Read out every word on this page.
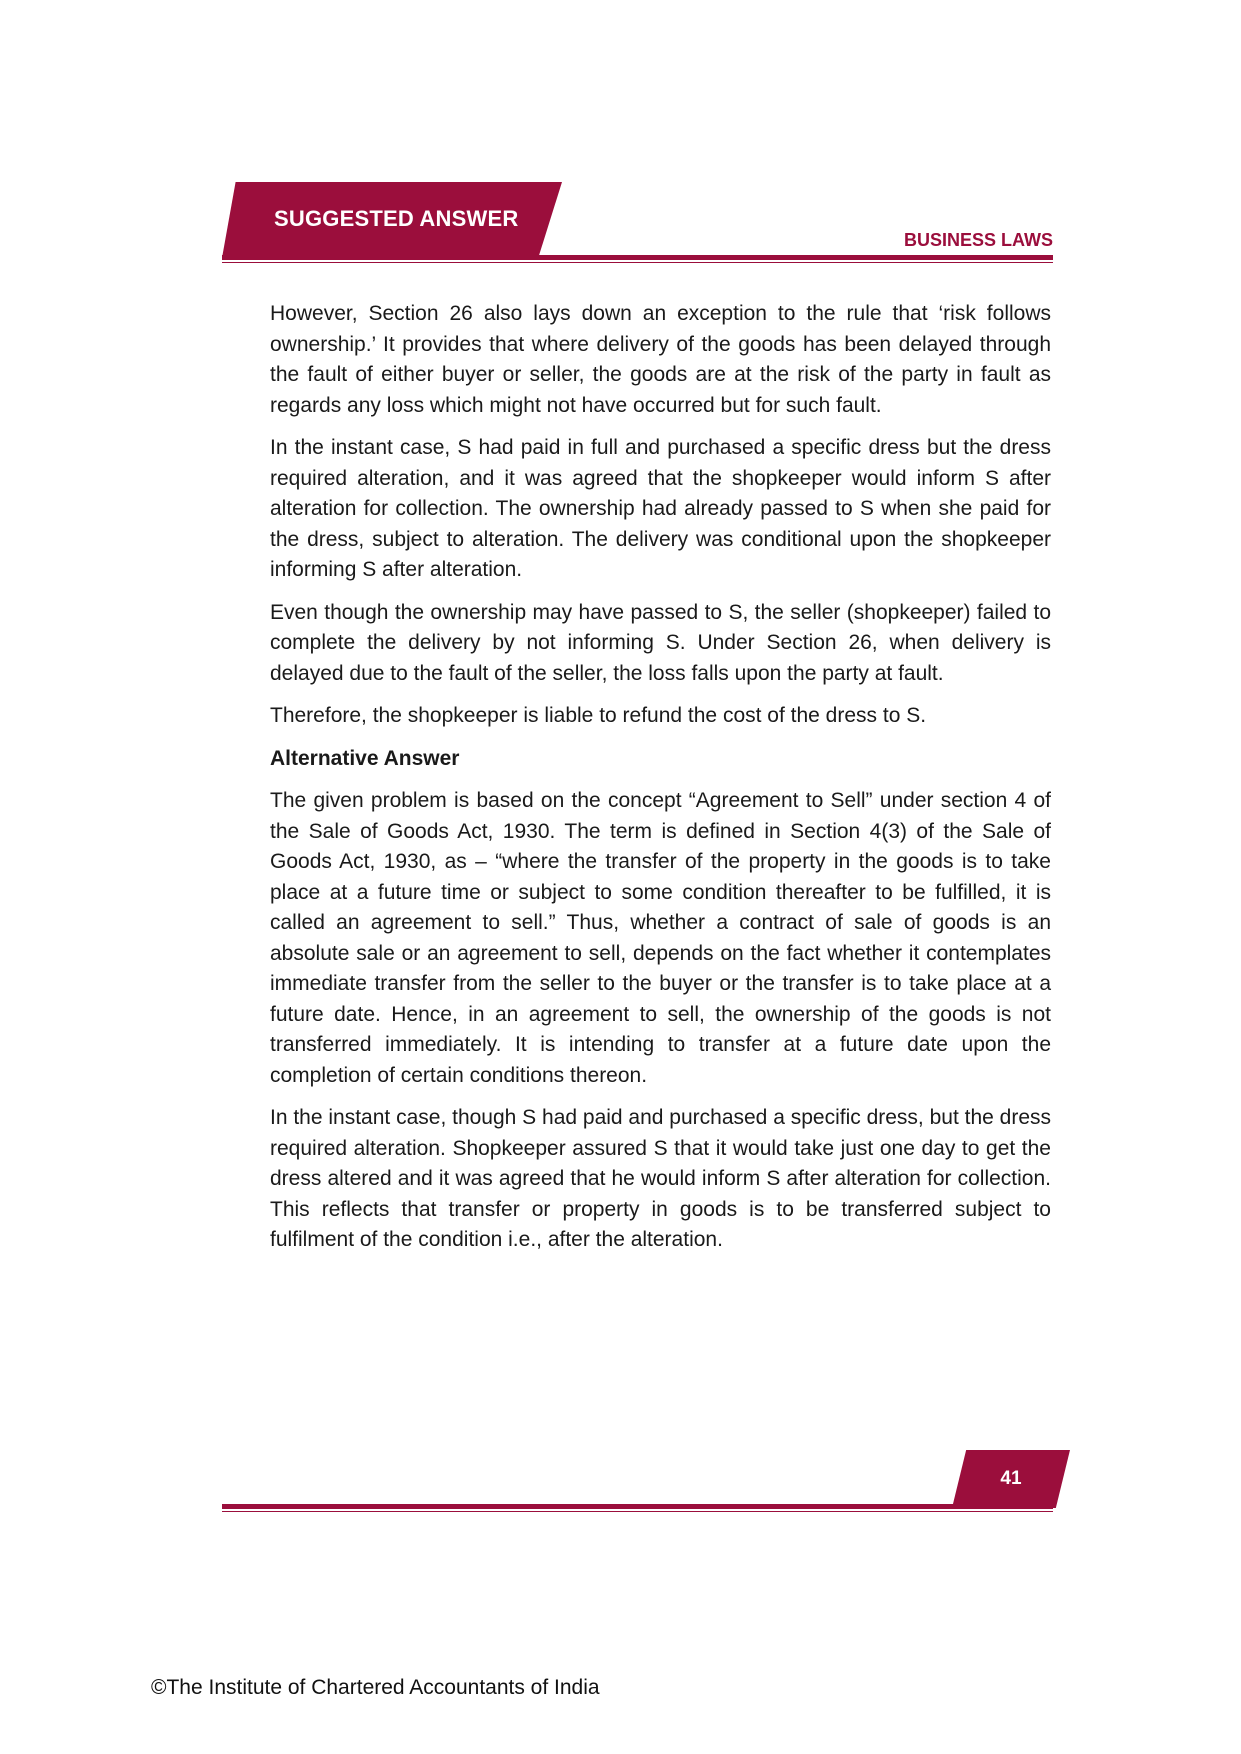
SUGGESTED ANSWER
BUSINESS LAWS

However, Section 26 also lays down an exception to the rule that ‘risk follows ownership.’ It provides that where delivery of the goods has been delayed through the fault of either buyer or seller, the goods are at the risk of the party in fault as regards any loss which might not have occurred but for such fault.

In the instant case, S had paid in full and purchased a specific dress but the dress required alteration, and it was agreed that the shopkeeper would inform S after alteration for collection. The ownership had already passed to S when she paid for the dress, subject to alteration. The delivery was conditional upon the shopkeeper informing S after alteration.

Even though the ownership may have passed to S, the seller (shopkeeper) failed to complete the delivery by not informing S. Under Section 26, when delivery is delayed due to the fault of the seller, the loss falls upon the party at fault.

Therefore, the shopkeeper is liable to refund the cost of the dress to S.

Alternative Answer

The given problem is based on the concept “Agreement to Sell” under section 4 of the Sale of Goods Act, 1930. The term is defined in Section 4(3) of the Sale of Goods Act, 1930, as – “where the transfer of the property in the goods is to take place at a future time or subject to some condition thereafter to be fulfilled, it is called an agreement to sell.” Thus, whether a contract of sale of goods is an absolute sale or an agreement to sell, depends on the fact whether it contemplates immediate transfer from the seller to the buyer or the transfer is to take place at a future date. Hence, in an agreement to sell, the ownership of the goods is not transferred immediately. It is intending to transfer at a future date upon the completion of certain conditions thereon.

In the instant case, though S had paid and purchased a specific dress, but the dress required alteration. Shopkeeper assured S that it would take just one day to get the dress altered and it was agreed that he would inform S after alteration for collection. This reflects that transfer or property in goods is to be transferred subject to fulfilment of the condition i.e., after the alteration.

41
©The Institute of Chartered Accountants of India
